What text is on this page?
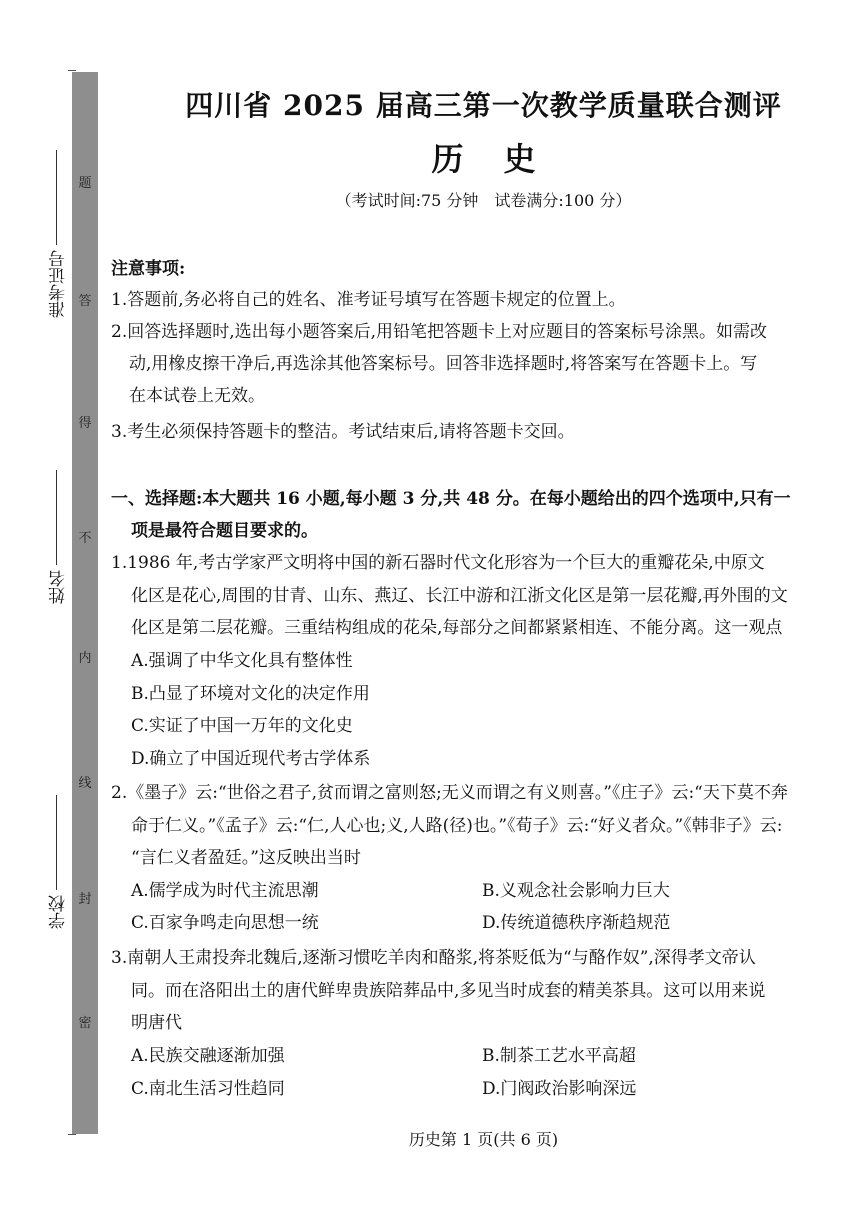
题
答
得
不
内
线
封
密
准考证号
姓名
学校
四川省 2025 届高三第一次教学质量联合测评
历史
（考试时间:75 分钟　试卷满分:100 分）
注意事项:
1.答题前,务必将自己的姓名、准考证号填写在答题卡规定的位置上。
2.回答选择题时,选出每小题答案后,用铅笔把答题卡上对应题目的答案标号涂黑。如需改
动,用橡皮擦干净后,再选涂其他答案标号。回答非选择题时,将答案写在答题卡上。写
在本试卷上无效。
3.考生必须保持答题卡的整洁。考试结束后,请将答题卡交回。
一、选择题:本大题共 16 小题,每小题 3 分,共 48 分。在每小题给出的四个选项中,只有一
项是最符合题目要求的。
1.1986 年,考古学家严文明将中国的新石器时代文化形容为一个巨大的重瓣花朵,中原文
化区是花心,周围的甘青、山东、燕辽、长江中游和江浙文化区是第一层花瓣,再外围的文
化区是第二层花瓣。三重结构组成的花朵,每部分之间都紧紧相连、不能分离。这一观点
A.强调了中华文化具有整体性
B.凸显了环境对文化的决定作用
C.实证了中国一万年的文化史
D.确立了中国近现代考古学体系
2.《墨子》云:“世俗之君子,贫而谓之富则怒;无义而谓之有义则喜。”《庄子》云:“天下莫不奔
命于仁义。”《孟子》云:“仁,人心也;义,人路(径)也。”《荀子》云:“好义者众。”《韩非子》云:
“言仁义者盈廷。”这反映出当时
A.儒学成为时代主流思潮	B.义观念社会影响力巨大
C.百家争鸣走向思想一统	D.传统道德秩序渐趋规范
3.南朝人王肃投奔北魏后,逐渐习惯吃羊肉和酪浆,将茶贬低为“与酪作奴”,深得孝文帝认
同。而在洛阳出土的唐代鲜卑贵族陪葬品中,多见当时成套的精美茶具。这可以用来说
明唐代
A.民族交融逐渐加强	B.制茶工艺水平高超
C.南北生活习性趋同	D.门阀政治影响深远
历史第 1 页(共 6 页)
